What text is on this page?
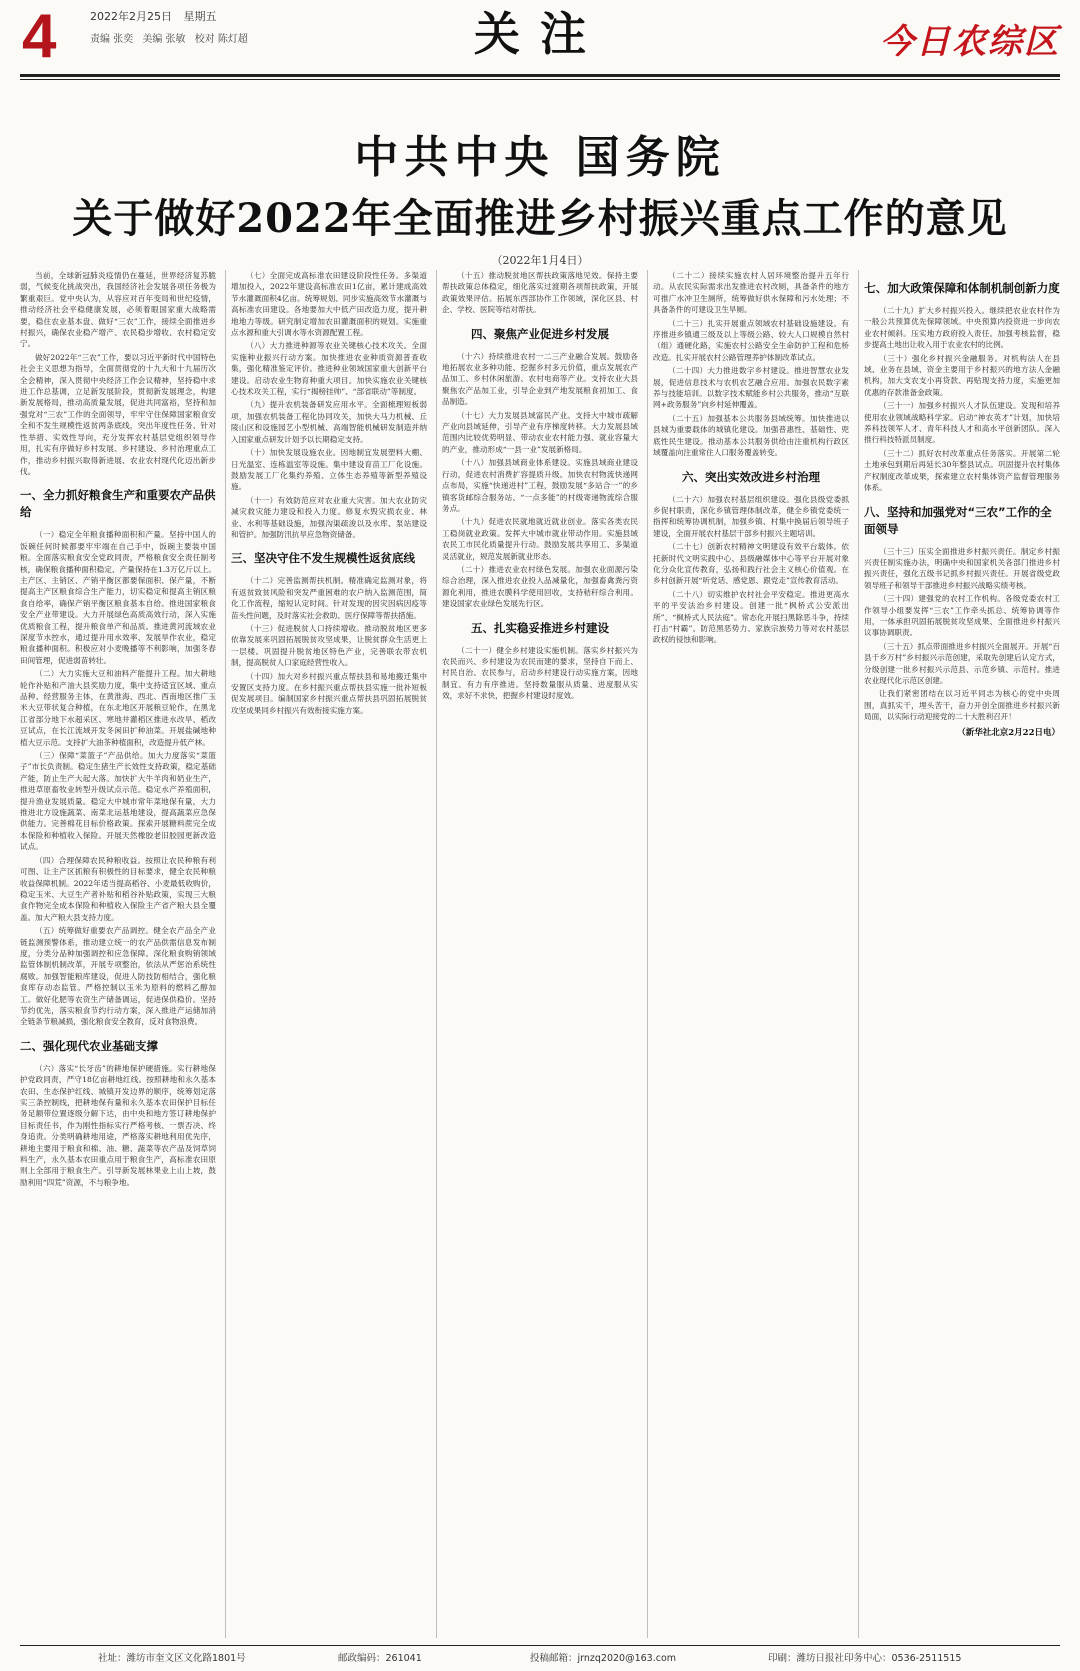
4	2022年2月25日 星期五
责编 张奕 美编 张敏 校对 陈灯超	关注	今日农综区
中共中央 国务院
关于做好2022年全面推进乡村振兴重点工作的意见
（2022年1月4日）

当前，全球新冠肺炎疫情仍在蔓延，世界经济复苏脆弱，气候变化挑战突出，我国经济社会发展各项任务极为繁重艰巨。党中央认为，从容应对百年变局和世纪疫情，推动经济社会平稳健康发展，必须着眼国家重大战略需要，稳住农业基本盘、做好“三农”工作，接续全面推进乡村振兴，确保农业稳产增产、农民稳步增收、农村稳定安宁。

做好2022年“三农”工作，要以习近平新时代中国特色社会主义思想为指导，全面贯彻党的十九大和十九届历次全会精神，深入贯彻中央经济工作会议精神，坚持稳中求进工作总基调，立足新发展阶段，贯彻新发展理念，构建新发展格局，推动高质量发展，促进共同富裕，坚持和加强党对“三农”工作的全面领导，牢牢守住保障国家粮食安全和不发生规模性返贫两条底线，突出年度性任务、针对性举措、实效性导向，充分发挥农村基层党组织领导作用，扎实有序做好乡村发展、乡村建设、乡村治理重点工作，推动乡村振兴取得新进展、农业农村现代化迈出新步伐。

一、全力抓好粮食生产和重要农产品供给

（一）稳定全年粮食播种面积和产量。坚持中国人的饭碗任何时候都要牢牢端在自己手中，饭碗主要装中国粮。全面落实粮食安全党政同责，严格粮食安全责任制考核，确保粮食播种面积稳定、产量保持在1.3万亿斤以上。主产区、主销区、产销平衡区都要保面积、保产量，不断提高主产区粮食综合生产能力，切实稳定和提高主销区粮食自给率，确保产销平衡区粮食基本自给。推进国家粮食安全产业带建设。大力开展绿色高质高效行动，深入实施优质粮食工程，提升粮食单产和品质。推进黄河流域农业深度节水控水，通过提升用水效率、发展旱作农业，稳定粮食播种面积。积极应对小麦晚播等不利影响，加强冬春田间管理，促进弱苗转壮。

（二）大力实施大豆和油料产能提升工程。加大耕地轮作补贴和产油大县奖励力度，集中支持适宜区域、重点品种、经营服务主体，在黄淮海、西北、西南地区推广玉米大豆带状复合种植，在东北地区开展粮豆轮作，在黑龙江省部分地下水超采区、寒地井灌稻区推进水改旱、稻改豆试点，在长江流域开发冬闲田扩种油菜。开展盐碱地种植大豆示范。支持扩大油茶种植面积，改造提升低产林。

（三）保障“菜篮子”产品供给。加大力度落实“菜篮子”市长负责制。稳定生猪生产长效性支持政策，稳定基础产能，防止生产大起大落。加快扩大牛羊肉和奶业生产，推进草原畜牧业转型升级试点示范。稳定水产养殖面积，提升渔业发展质量。稳定大中城市常年菜地保有量，大力推进北方设施蔬菜、南菜北运基地建设，提高蔬菜应急保供能力。完善棉花目标价格政策。探索开展糖料蔗完全成本保险和种植收入保险。开展天然橡胶老旧胶园更新改造试点。

（四）合理保障农民种粮收益。按照让农民种粮有利可图、让主产区抓粮有积极性的目标要求，健全农民种粮收益保障机制。2022年适当提高稻谷、小麦最低收购价，稳定玉米、大豆生产者补贴和稻谷补贴政策，实现三大粮食作物完全成本保险和种植收入保险主产省产粮大县全覆盖。加大产粮大县支持力度。

（五）统筹做好重要农产品调控。健全农产品全产业链监测预警体系，推动建立统一的农产品供需信息发布制度，分类分品种加强调控和应急保障。深化粮食购销领域监管体制机制改革，开展专项整治，依法从严惩治系统性腐败。加强智能粮库建设，促进人防技防相结合，强化粮食库存动态监管。严格控制以玉米为原料的燃料乙醇加工。做好化肥等农资生产储备调运，促进保供稳价。坚持节约优先，落实粮食节约行动方案，深入推进产运储加消全链条节粮减损，强化粮食安全教育，反对食物浪费。

二、强化现代农业基础支撑

（六）落实“长牙齿”的耕地保护硬措施。实行耕地保护党政同责，严守18亿亩耕地红线。按照耕地和永久基本农田、生态保护红线、城镇开发边界的顺序，统筹划定落实三条控制线，把耕地保有量和永久基本农田保护目标任务足额带位置逐级分解下达，由中央和地方签订耕地保护目标责任书，作为刚性指标实行严格考核、一票否决、终身追责。分类明确耕地用途，严格落实耕地利用优先序，耕地主要用于粮食和棉、油、糖、蔬菜等农产品及饲草饲料生产，永久基本农田重点用于粮食生产，高标准农田原则上全部用于粮食生产。引导新发展林果业上山上坡，鼓励利用“四荒”资源，不与粮争地。

（七）全面完成高标准农田建设阶段性任务。多渠道增加投入，2022年建设高标准农田1亿亩，累计建成高效节水灌溉面积4亿亩。统筹规划、同步实施高效节水灌溉与高标准农田建设。各地要加大中低产田改造力度，提升耕地地力等级。研究制定增加农田灌溉面积的规划。实施重点水源和重大引调水等水资源配置工程。

（八）大力推进种源等农业关键核心技术攻关。全面实施种业振兴行动方案。加快推进农业种质资源普查收集，强化精准鉴定评价。推进种业领域国家重大创新平台建设。启动农业生物育种重大项目。加快实施农业关键核心技术攻关工程，实行“揭榜挂帅”、“部省联动”等制度。

（九）提升农机装备研发应用水平。全面梳理短板弱项，加强农机装备工程化协同攻关，加快大马力机械、丘陵山区和设施园艺小型机械、高端智能机械研发制造并纳入国家重点研发计划予以长期稳定支持。

（十）加快发展设施农业。因地制宜发展塑料大棚、日光温室、连栋温室等设施。集中建设育苗工厂化设施。鼓励发展工厂化集约养殖、立体生态养殖等新型养殖设施。

（十一）有效防范应对农业重大灾害。加大农业防灾减灾救灾能力建设和投入力度。修复水毁灾损农业、林业、水利等基础设施，加强沟渠疏浚以及水库、泵站建设和管护。加强防汛抗旱应急物资储备。

三、坚决守住不发生规模性返贫底线

（十二）完善监测帮扶机制。精准确定监测对象，将有返贫致贫风险和突发严重困难的农户纳入监测范围，简化工作流程，缩短认定时间。针对发现的因灾因病因疫等苗头性问题，及时落实社会救助、医疗保障等帮扶措施。

（十三）促进脱贫人口持续增收。推动脱贫地区更多依靠发展来巩固拓展脱贫攻坚成果，让脱贫群众生活更上一层楼。巩固提升脱贫地区特色产业，完善联农带农机制，提高脱贫人口家庭经营性收入。

（十四）加大对乡村振兴重点帮扶县和易地搬迁集中安置区支持力度。在乡村振兴重点帮扶县实施一批补短板促发展项目。编制国家乡村振兴重点帮扶县巩固拓展脱贫攻坚成果同乡村振兴有效衔接实施方案。

（十五）推动脱贫地区帮扶政策落地见效。保持主要帮扶政策总体稳定，细化落实过渡期各项帮扶政策，开展政策效果评估。拓展东西部协作工作领域，深化区县、村企、学校、医院等结对帮扶。

四、聚焦产业促进乡村发展

（十六）持续推进农村一二三产业融合发展。鼓励各地拓展农业多种功能、挖掘乡村多元价值，重点发展农产品加工、乡村休闲旅游、农村电商等产业。支持农业大县聚焦农产品加工业，引导企业到产地发展粮食初加工、食品制造。

（十七）大力发展县域富民产业。支持大中城市疏解产业向县域延伸，引导产业有序梯度转移。大力发展县域范围内比较优势明显、带动农业农村能力强、就业容量大的产业，推动形成“一县一业”发展新格局。

（十八）加强县域商业体系建设。实施县域商业建设行动，促进农村消费扩容提质升级。加快农村物流快递网点布局，实施“快递进村”工程，鼓励发展“多站合一”的乡镇客货邮综合服务站、“一点多能”的村级寄递物流综合服务点。

（十九）促进农民就地就近就业创业。落实各类农民工稳岗就业政策。发挥大中城市就业带动作用。实施县域农民工市民化质量提升行动。鼓励发展共享用工、多渠道灵活就业，规范发展新就业形态。

（二十）推进农业农村绿色发展。加强农业面源污染综合治理，深入推进农业投入品减量化，加强畜禽粪污资源化利用，推进农膜科学使用回收，支持秸秆综合利用。建设国家农业绿色发展先行区。

五、扎实稳妥推进乡村建设

（二十一）健全乡村建设实施机制。落实乡村振兴为农民而兴、乡村建设为农民而建的要求，坚持自下而上、村民自治、农民参与，启动乡村建设行动实施方案，因地制宜、有力有序推进。坚持数量服从质量、进度服从实效，求好不求快，把握乡村建设时度效。

（二十二）接续实施农村人居环境整治提升五年行动。从农民实际需求出发推进农村改厕，具备条件的地方可推广水冲卫生厕所，统筹做好供水保障和污水处理；不具备条件的可建设卫生旱厕。

（二十三）扎实开展重点领域农村基础设施建设。有序推进乡镇通三级及以上等级公路、较大人口规模自然村（组）通硬化路，实施农村公路安全生命防护工程和危桥改造。扎实开展农村公路管理养护体制改革试点。

（二十四）大力推进数字乡村建设。推进智慧农业发展，促进信息技术与农机农艺融合应用。加强农民数字素养与技能培训。以数字技术赋能乡村公共服务，推动“互联网+政务服务”向乡村延伸覆盖。

（二十五）加强基本公共服务县域统筹。加快推进以县城为重要载体的城镇化建设。加强普惠性、基础性、兜底性民生建设。推动基本公共服务供给由注重机构行政区域覆盖向注重常住人口服务覆盖转变。

六、突出实效改进乡村治理

（二十六）加强农村基层组织建设。强化县级党委抓乡促村职责，深化乡镇管理体制改革，健全乡镇党委统一指挥和统筹协调机制，加强乡镇、村集中换届后领导班子建设，全面开展农村基层干部乡村振兴主题培训。

（二十七）创新农村精神文明建设有效平台载体。依托新时代文明实践中心、县级融媒体中心等平台开展对象化分众化宣传教育，弘扬和践行社会主义核心价值观。在乡村创新开展“听党话、感党恩、跟党走”宣传教育活动。

（二十八）切实维护农村社会平安稳定。推进更高水平的平安法治乡村建设。创建一批“枫桥式公安派出所”、“枫桥式人民法庭”。常态化开展扫黑除恶斗争，持续打击“村霸”。防范黑恶势力、家族宗族势力等对农村基层政权的侵蚀和影响。

七、加大政策保障和体制机制创新力度

（二十九）扩大乡村振兴投入。继续把农业农村作为一般公共预算优先保障领域。中央预算内投资进一步向农业农村倾斜。压实地方政府投入责任。加强考核监督，稳步提高土地出让收入用于农业农村的比例。

（三十）强化乡村振兴金融服务。对机构法人在县域、业务在县域、资金主要用于乡村振兴的地方法人金融机构，加大支农支小再贷款、再贴现支持力度，实施更加优惠的存款准备金政策。

（三十一）加强乡村振兴人才队伍建设。发现和培养使用农业领域战略科学家。启动“神农英才”计划，加快培养科技领军人才、青年科技人才和高水平创新团队。深入推行科技特派员制度。

（三十二）抓好农村改革重点任务落实。开展第二轮土地承包到期后再延长30年整县试点。巩固提升农村集体产权制度改革成果，探索建立农村集体资产监督管理服务体系。

八、坚持和加强党对“三农”工作的全面领导

（三十三）压实全面推进乡村振兴责任。制定乡村振兴责任制实施办法，明确中央和国家机关各部门推进乡村振兴责任，强化五级书记抓乡村振兴责任。开展省级党政领导班子和领导干部推进乡村振兴战略实绩考核。

（三十四）建强党的农村工作机构。各级党委农村工作领导小组要发挥“三农”工作牵头抓总、统筹协调等作用，一体承担巩固拓展脱贫攻坚成果、全面推进乡村振兴议事协调职责。

（三十五）抓点带面推进乡村振兴全面展开。开展“百县千乡万村”乡村振兴示范创建，采取先创建后认定方式，分级创建一批乡村振兴示范县、示范乡镇、示范村。推进农业现代化示范区创建。

让我们紧密团结在以习近平同志为核心的党中央周围，真抓实干，埋头苦干，奋力开创全面推进乡村振兴新局面，以实际行动迎接党的二十大胜利召开！

（新华社北京2月22日电）

社址：潍坊市奎文区文化路1801号	邮政编码：261041	投稿邮箱：jrnzq2020@163.com	印刷：潍坊日报社印务中心：0536-2511515
